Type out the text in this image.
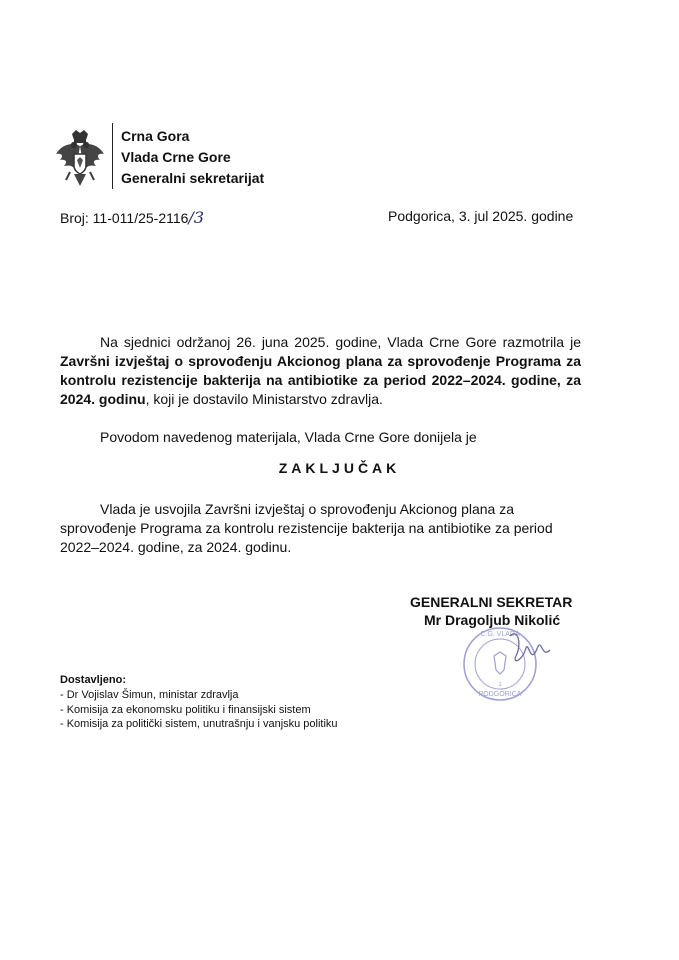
Crna Gora
Vlada Crne Gore
Generalni sekretarijat
Broj: 11-011/25-2116/3	Podgorica, 3. jul 2025. godine
Na sjednici održanoj 26. juna 2025. godine, Vlada Crne Gore razmotrila je Završni izvještaj o sprovođenju Akcionog plana za sprovođenje Programa za kontrolu rezistencije bakterija na antibiotike za period 2022–2024. godine, za 2024. godinu, koji je dostavilo Ministarstvo zdravlja.
Povodom navedenog materijala, Vlada Crne Gore donijela je
ZAKLJUČAK
Vlada je usvojila Završni izvještaj o sprovođenju Akcionog plana za sprovođenje Programa za kontrolu rezistencije bakterija na antibiotike za period 2022–2024. godine, za 2024. godinu.
C.G. VLADA
PODGORICA
1
GENERALNI SEKRETAR
Mr Dragoljub Nikolić
Dostavljeno:
- Dr Vojislav Šimun, ministar zdravlja
- Komisija za ekonomsku politiku i finansijski sistem
- Komisija za politički sistem, unutrašnju i vanjsku politiku
